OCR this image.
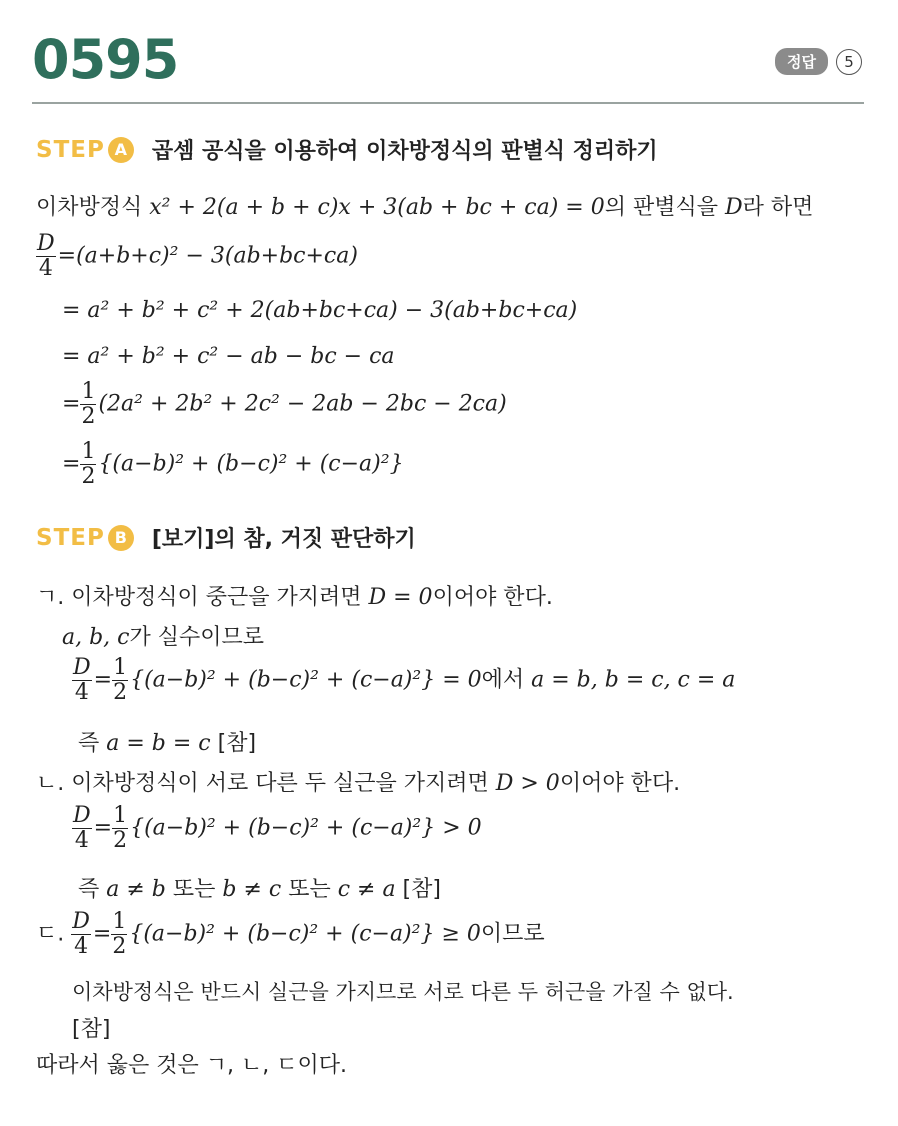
0595	정답	5
STEP A	곱셈 공식을 이용하여 이차방정식의 판별식 정리하기
이차방정식 x² + 2(a + b + c)x + 3(ab + bc + ca) = 0의 판별식을 D라 하면
$\frac{D}{4} =(a+b+c)^2 - 3(ab+bc+ca)$
= a² + b² + c² + 2(ab+bc+ca) − 3(ab+bc+ca)
= a² + b² + c² − ab − bc − ca
= $\frac{1}{2} (2a^2 + 2b^2 + 2c^2 - 2ab - 2bc - 2ca)$
= $\frac{1}{2} \{(a-b)^2 + (b-c)^2 + (c-a)^2\}$
STEP B	[보기]의 참, 거짓 판단하기
ㄱ. 이차방정식이 중근을 가지려면 D = 0이어야 한다.
a, b, c가 실수이므로
$\frac{D}{4} = \frac{1}{2} \{(a-b)^2 + (b-c)^2 + (c-a)^2\} = 0$에서 a = b, b = c, c = a
즉 a = b = c [참]
ㄴ. 이차방정식이 서로 다른 두 실근을 가지려면 D > 0이어야 한다.
$\frac{D}{4} = \frac{1}{2} \{(a-b)^2 + (b-c)^2 + (c-a)^2\} > 0$
즉 a ≠ b 또는 b ≠ c 또는 c ≠ a [참]
ㄷ. $\frac{D}{4} = \frac{1}{2} \{(a-b)^2 + (b-c)^2 + (c-a)^2\} \ge 0$이므로
이차방정식은 반드시 실근을 가지므로 서로 다른 두 허근을 가질 수 없다.
[참]
따라서 옳은 것은 ㄱ, ㄴ, ㄷ이다.
